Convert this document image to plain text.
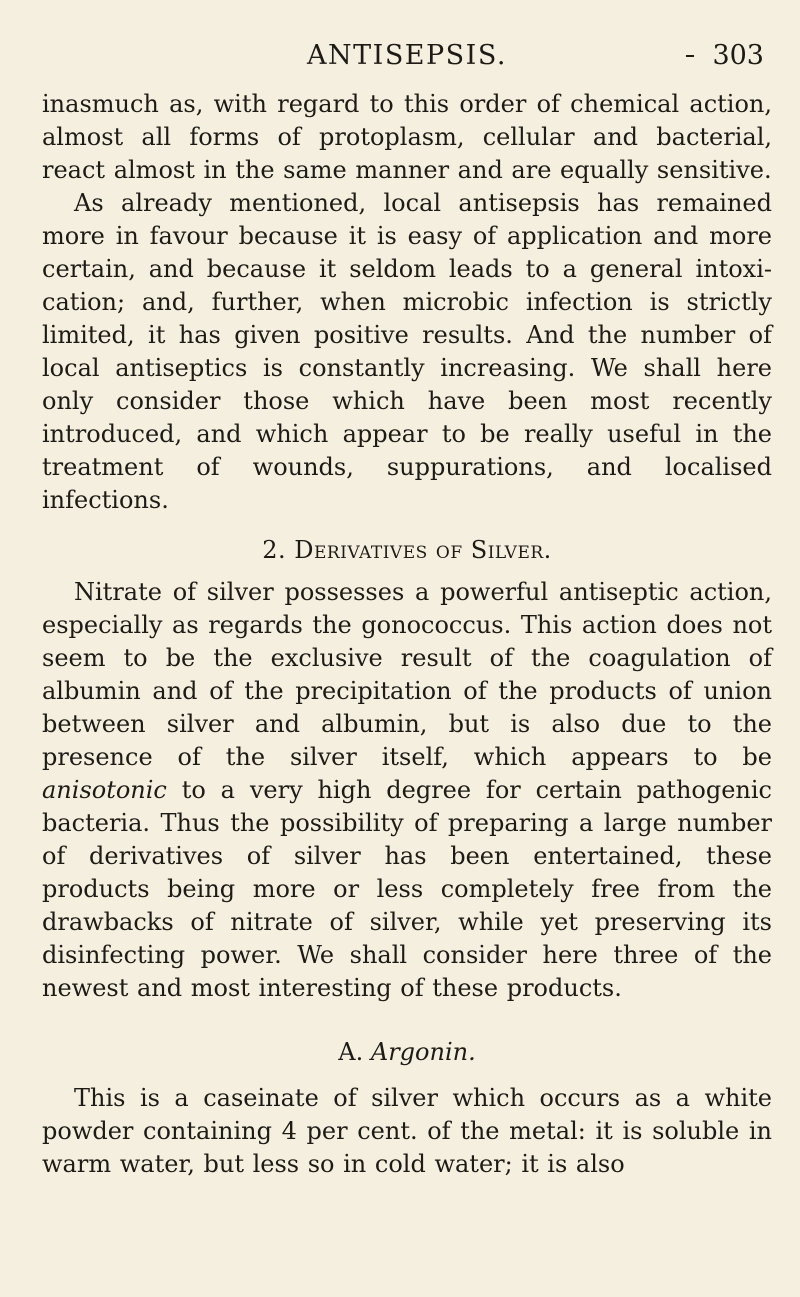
ANTISEPSIS.	303

inasmuch as, with regard to this order of chemical action, almost all forms of protoplasm, cellular and bacterial, react almost in the same manner and are equally sensitive.

As already mentioned, local antisepsis has remained more in favour because it is easy of application and more certain, and because it seldom leads to a general intoxi-cation; and, further, when microbic infection is strictly limited, it has given positive results. And the number of local antiseptics is constantly increasing. We shall here only consider those which have been most recently introduced, and which appear to be really useful in the treatment of wounds, suppurations, and localised infections.

2. Derivatives of Silver.

Nitrate of silver possesses a powerful antiseptic action, especially as regards the gonococcus. This action does not seem to be the exclusive result of the coagulation of albumin and of the precipitation of the products of union between silver and albumin, but is also due to the presence of the silver itself, which appears to be anisotonic to a very high degree for certain pathogenic bacteria. Thus the possibility of preparing a large number of derivatives of silver has been entertained, these products being more or less completely free from the drawbacks of nitrate of silver, while yet preserving its disinfecting power. We shall consider here three of the newest and most interesting of these products.

A. Argonin.

This is a caseinate of silver which occurs as a white powder containing 4 per cent. of the metal: it is soluble in warm water, but less so in cold water; it is also
